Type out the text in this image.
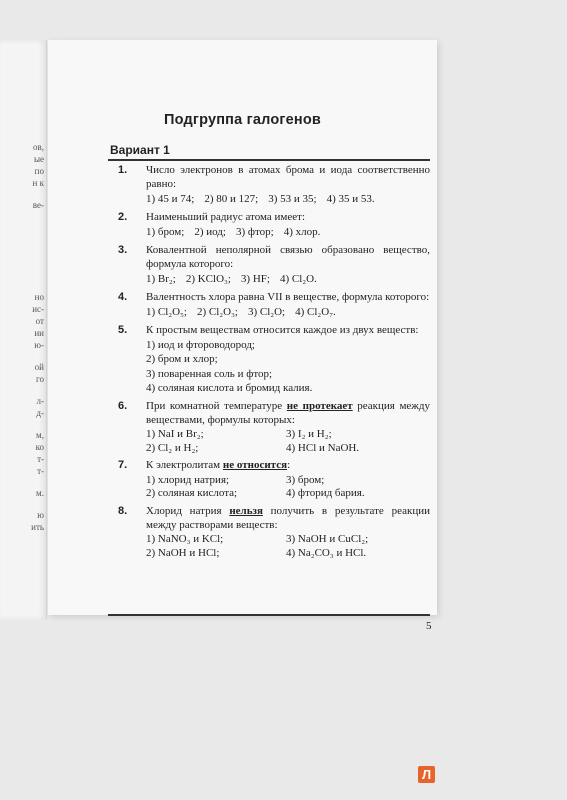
ов,
ые
по
н к
ве-
но
ис-
от
ии
ю-
ой
го
л-
д-
м,
ко
т-
т-
м.
ю
ить
Подгруппа галогенов
Вариант 1
1. Число электронов в атомах брома и иода соответственно равно:
1) 45 и 74; 2) 80 и 127; 3) 53 и 35; 4) 35 и 53.
2. Наименьший радиус атома имеет:
1) бром; 2) иод; 3) фтор; 4) хлор.
3. Ковалентной неполярной связью образовано вещество, формула которого:
1) Br₂; 2) KClO₃; 3) HF; 4) Cl₂O.
4. Валентность хлора равна VII в веществе, формула которого:
1) Cl₂O₅; 2) Cl₂O₃; 3) Cl₂O; 4) Cl₂O₇.
5. К простым веществам относится каждое из двух веществ:
1) иод и фтороводород;
2) бром и хлор;
3) поваренная соль и фтор;
4) соляная кислота и бромид калия.
6. При комнатной температуре не протекает реакция между веществами, формулы которых:
1) NaI и Br₂;	3) I₂ и H₂;
2) Cl₂ и H₂;	4) HCl и NaOH.
7. К электролитам не относится:
1) хлорид натрия;	3) бром;
2) соляная кислота;	4) фторид бария.
8. Хлорид натрия нельзя получить в результате реакции между растворами веществ:
1) NaNO₃ и KCl;	3) NaOH и CuCl₂;
2) NaOH и HCl;	4) Na₂CO₃ и HCl.
5
Л
